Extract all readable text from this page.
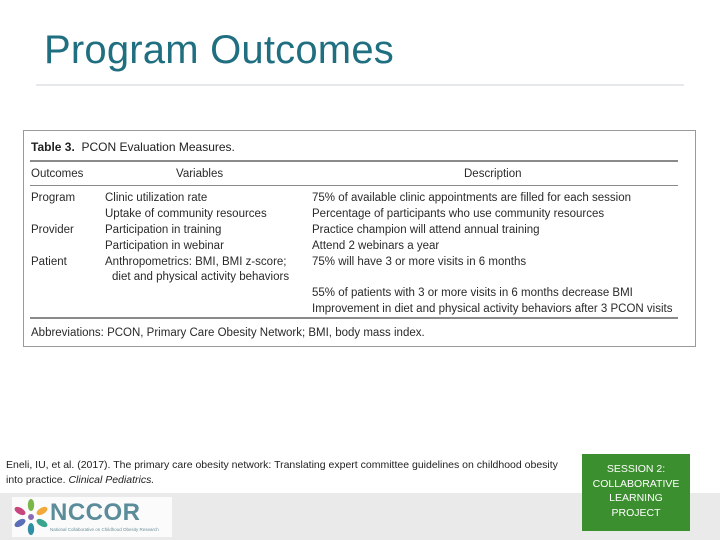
Program Outcomes
Table 3. PCON Evaluation Measures.
Outcomes	Variables	Description
Program
Provider
Patient
Clinic utilization rate
Uptake of community resources
Participation in training
Participation in webinar
Anthropometrics: BMI, BMI z-score;
diet and physical activity behaviors
75% of available clinic appointments are filled for each session
Percentage of participants who use community resources
Practice champion will attend annual training
Attend 2 webinars a year
75% will have 3 or more visits in 6 months
55% of patients with 3 or more visits in 6 months decrease BMI
Improvement in diet and physical activity behaviors after 3 PCON visits
Abbreviations: PCON, Primary Care Obesity Network; BMI, body mass index.
Eneli, IU, et al. (2017). The primary care obesity network: Translating expert committee guidelines on childhood obesity into practice. Clinical Pediatrics.
NCCOR
National Collaborative on Childhood Obesity Research
SESSION 2:
COLLABORATIVE
LEARNING
PROJECT
